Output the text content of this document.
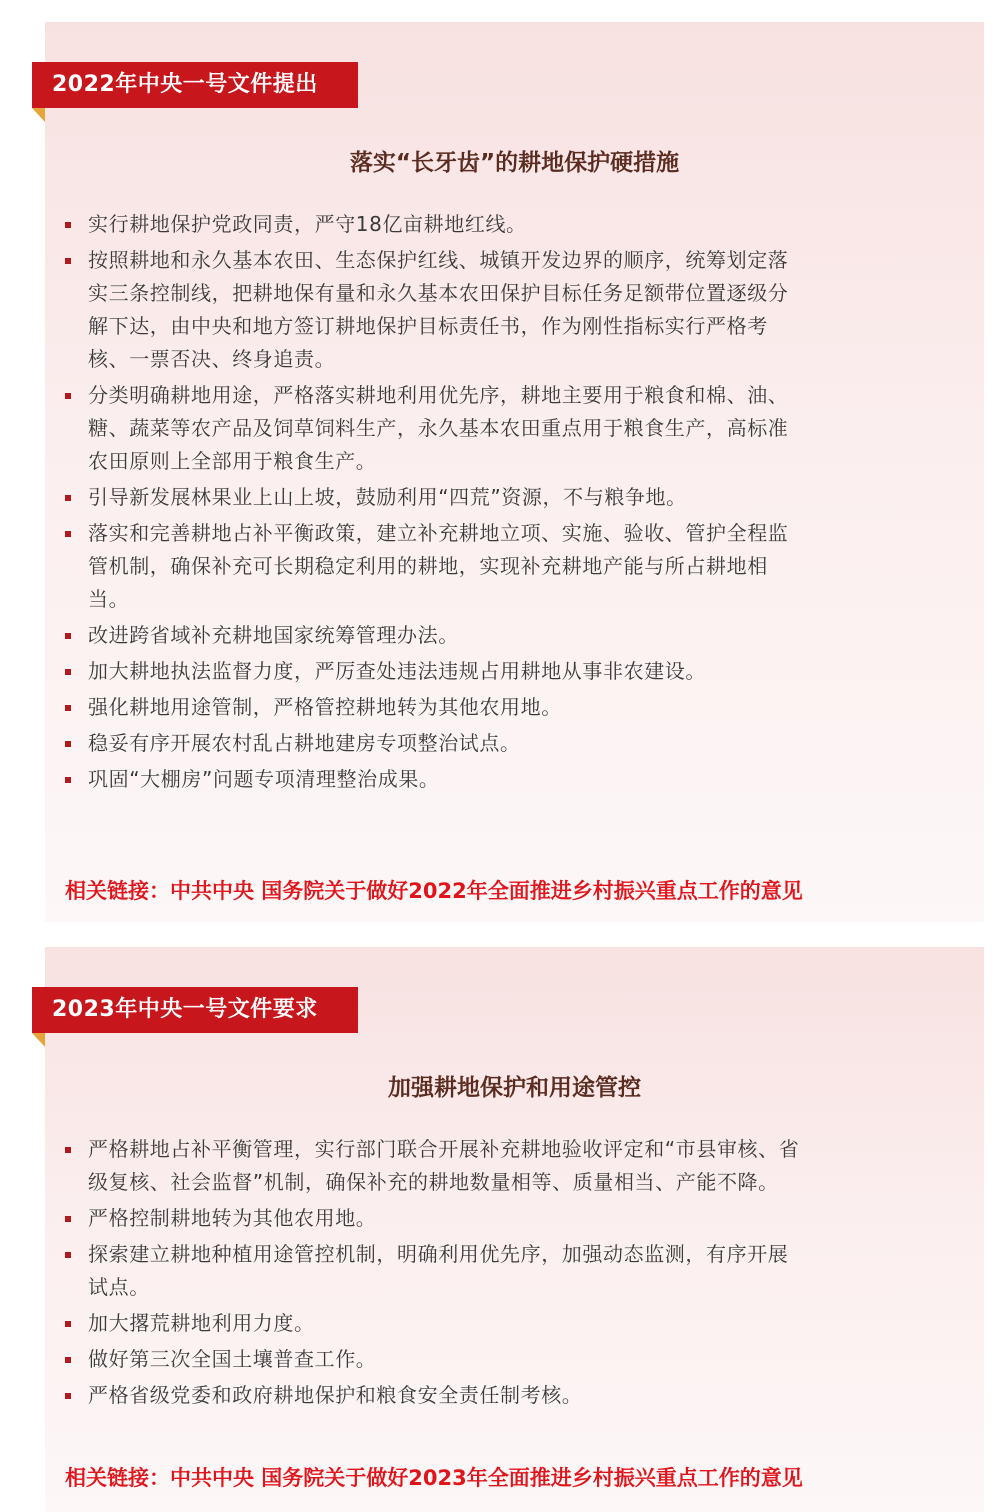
2022年中央一号文件提出
落实“长牙齿”的耕地保护硬措施
实行耕地保护党政同责，严守18亿亩耕地红线。
按照耕地和永久基本农田、生态保护红线、城镇开发边界的顺序，统筹划定落实三条控制线，把耕地保有量和永久基本农田保护目标任务足额带位置逐级分解下达，由中央和地方签订耕地保护目标责任书，作为刚性指标实行严格考核、一票否决、终身追责。
分类明确耕地用途，严格落实耕地利用优先序，耕地主要用于粮食和棉、油、糖、蔬菜等农产品及饲草饲料生产，永久基本农田重点用于粮食生产，高标准农田原则上全部用于粮食生产。
引导新发展林果业上山上坡，鼓励利用“四荒”资源，不与粮争地。
落实和完善耕地占补平衡政策，建立补充耕地立项、实施、验收、管护全程监管机制，确保补充可长期稳定利用的耕地，实现补充耕地产能与所占耕地相当。
改进跨省域补充耕地国家统筹管理办法。
加大耕地执法监督力度，严厉查处违法违规占用耕地从事非农建设。
强化耕地用途管制，严格管控耕地转为其他农用地。
稳妥有序开展农村乱占耕地建房专项整治试点。
巩固“大棚房”问题专项清理整治成果。
相关链接：中共中央 国务院关于做好2022年全面推进乡村振兴重点工作的意见
2023年中央一号文件要求
加强耕地保护和用途管控
严格耕地占补平衡管理，实行部门联合开展补充耕地验收评定和“市县审核、省级复核、社会监督”机制，确保补充的耕地数量相等、质量相当、产能不降。
严格控制耕地转为其他农用地。
探索建立耕地种植用途管控机制，明确利用优先序，加强动态监测，有序开展试点。
加大撂荒耕地利用力度。
做好第三次全国土壤普查工作。
严格省级党委和政府耕地保护和粮食安全责任制考核。
相关链接：中共中央 国务院关于做好2023年全面推进乡村振兴重点工作的意见
